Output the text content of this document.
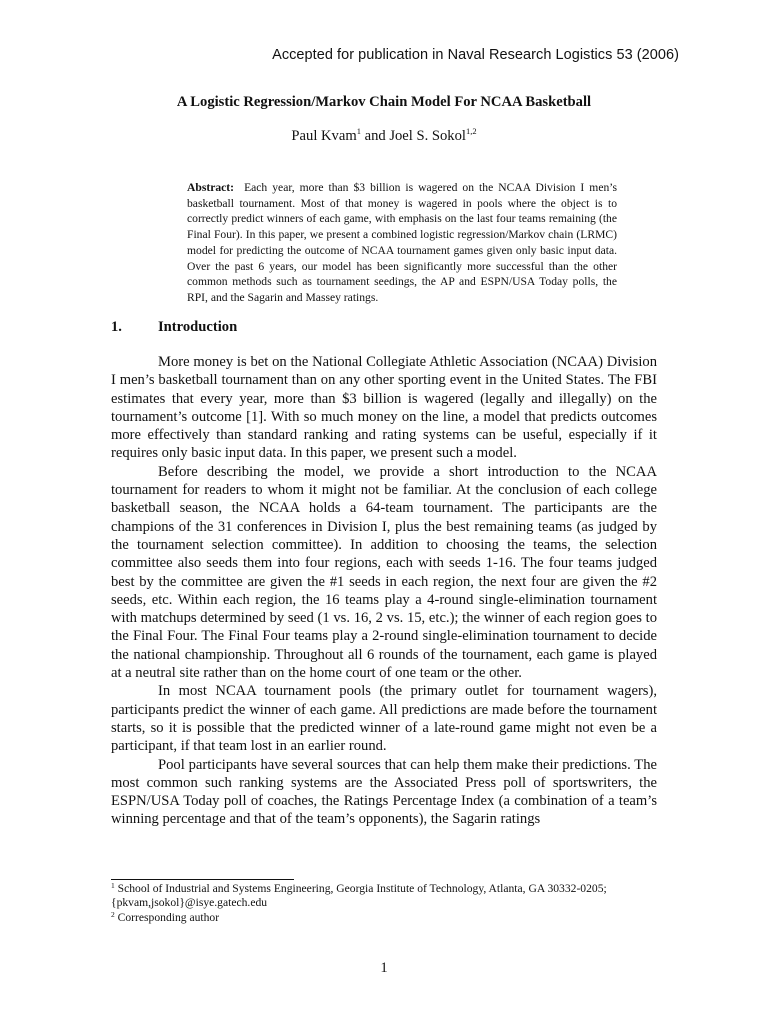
Accepted for publication in Naval Research Logistics 53 (2006)
A Logistic Regression/Markov Chain Model For NCAA Basketball
Paul Kvam$^1$ and Joel S. Sokol$^{1,2}$
Abstract: Each year, more than $3 billion is wagered on the NCAA Division I men’s basketball tournament. Most of that money is wagered in pools where the object is to correctly predict winners of each game, with emphasis on the last four teams remaining (the Final Four). In this paper, we present a combined logistic regression/Markov chain (LRMC) model for predicting the outcome of NCAA tournament games given only basic input data. Over the past 6 years, our model has been significantly more successful than the other common methods such as tournament seedings, the AP and ESPN/USA Today polls, the RPI, and the Sagarin and Massey ratings.
1. Introduction

More money is bet on the National Collegiate Athletic Association (NCAA) Division I men’s basketball tournament than on any other sporting event in the United States. The FBI estimates that every year, more than $3 billion is wagered (legally and illegally) on the tournament’s outcome [1]. With so much money on the line, a model that predicts outcomes more effectively than standard ranking and rating systems can be useful, especially if it requires only basic input data. In this paper, we present such a model.

Before describing the model, we provide a short introduction to the NCAA tournament for readers to whom it might not be familiar. At the conclusion of each college basketball season, the NCAA holds a 64-team tournament. The participants are the champions of the 31 conferences in Division I, plus the best remaining teams (as judged by the tournament selection committee). In addition to choosing the teams, the selection committee also seeds them into four regions, each with seeds 1-16. The four teams judged best by the committee are given the #1 seeds in each region, the next four are given the #2 seeds, etc. Within each region, the 16 teams play a 4-round single-elimination tournament with matchups determined by seed (1 vs. 16, 2 vs. 15, etc.); the winner of each region goes to the Final Four. The Final Four teams play a 2-round single-elimination tournament to decide the national championship. Throughout all 6 rounds of the tournament, each game is played at a neutral site rather than on the home court of one team or the other.

In most NCAA tournament pools (the primary outlet for tournament wagers), participants predict the winner of each game. All predictions are made before the tournament starts, so it is possible that the predicted winner of a late-round game might not even be a participant, if that team lost in an earlier round.

Pool participants have several sources that can help them make their predictions. The most common such ranking systems are the Associated Press poll of sportswriters, the ESPN/USA Today poll of coaches, the Ratings Percentage Index (a combination of a team’s winning percentage and that of the team’s opponents), the Sagarin ratings

$^1$ School of Industrial and Systems Engineering, Georgia Institute of Technology, Atlanta, GA 30332-0205; {pkvam,jsokol}@isye.gatech.edu

$^2$ Corresponding author

1
